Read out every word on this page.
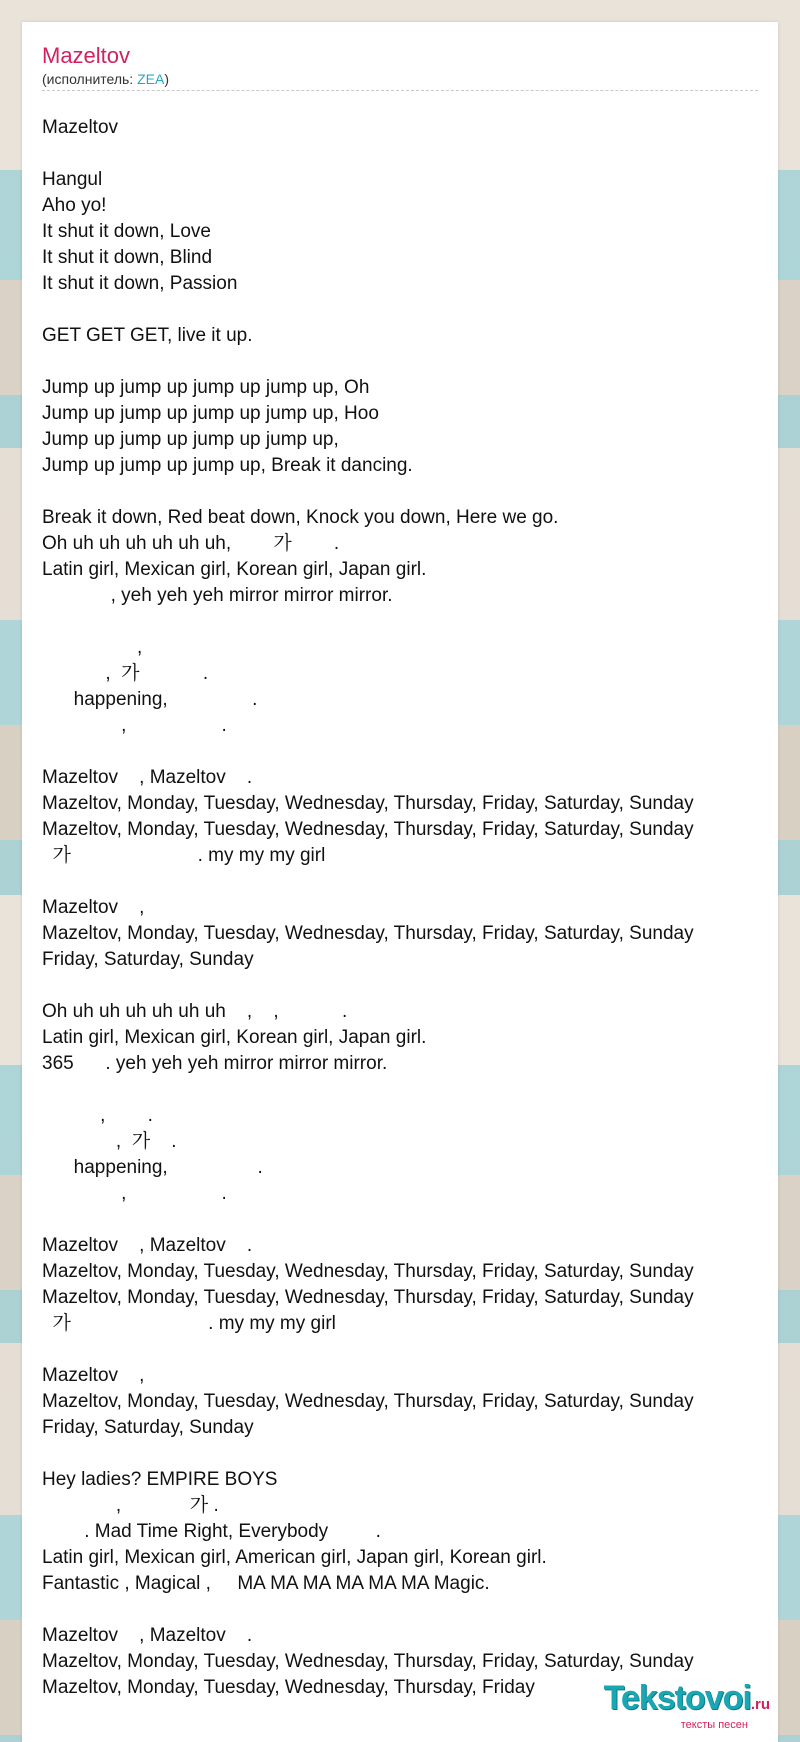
Mazeltov
(исполнитель: ZEA)
Mazeltov
Hangul
Aho yo!
It shut it down, Love
It shut it down, Blind
It shut it down, Passion
GET GET GET, live it up.
Jump up jump up jump up jump up, Oh
Jump up jump up jump up jump up, Hoo
Jump up jump up jump up jump up,
Jump up jump up jump up, Break it dancing.
Break it down, Red beat down, Knock you down, Here we go.
Oh uh uh uh uh uh uh,        가        .
Latin girl, Mexican girl, Korean girl, Japan girl.
, yeh yeh yeh mirror mirror mirror.
,
,  가            .
happening,                .
,                  .
Mazeltov    , Mazeltov    .
Mazeltov, Monday, Tuesday, Wednesday, Thursday, Friday, Saturday, Sunday
Mazeltov, Monday, Tuesday, Wednesday, Thursday, Friday, Saturday, Sunday
가                        . my my my girl
Mazeltov    ,
Mazeltov, Monday, Tuesday, Wednesday, Thursday, Friday, Saturday, Sunday
Friday, Saturday, Sunday
Oh uh uh uh uh uh uh    ,    ,            .
Latin girl, Mexican girl, Korean girl, Japan girl.
365      . yeh yeh yeh mirror mirror mirror.
,        .
,  가    .
happening,                 .
,                  .
Mazeltov    , Mazeltov    .
Mazeltov, Monday, Tuesday, Wednesday, Thursday, Friday, Saturday, Sunday
Mazeltov, Monday, Tuesday, Wednesday, Thursday, Friday, Saturday, Sunday
가                          . my my my girl
Mazeltov    ,
Mazeltov, Monday, Tuesday, Wednesday, Thursday, Friday, Saturday, Sunday
Friday, Saturday, Sunday
Hey ladies? EMPIRE BOYS
,             가 .
. Mad Time Right, Everybody         .
Latin girl, Mexican girl, American girl, Japan girl, Korean girl.
Fantastic , Magical ,     MA MA MA MA MA MA Magic.
Mazeltov    , Mazeltov    .
Mazeltov, Monday, Tuesday, Wednesday, Thursday, Friday, Saturday, Sunday
Mazeltov, Monday, Tuesday, Wednesday, Thursday, Friday	Tekstovoi.ru
тексты песен
